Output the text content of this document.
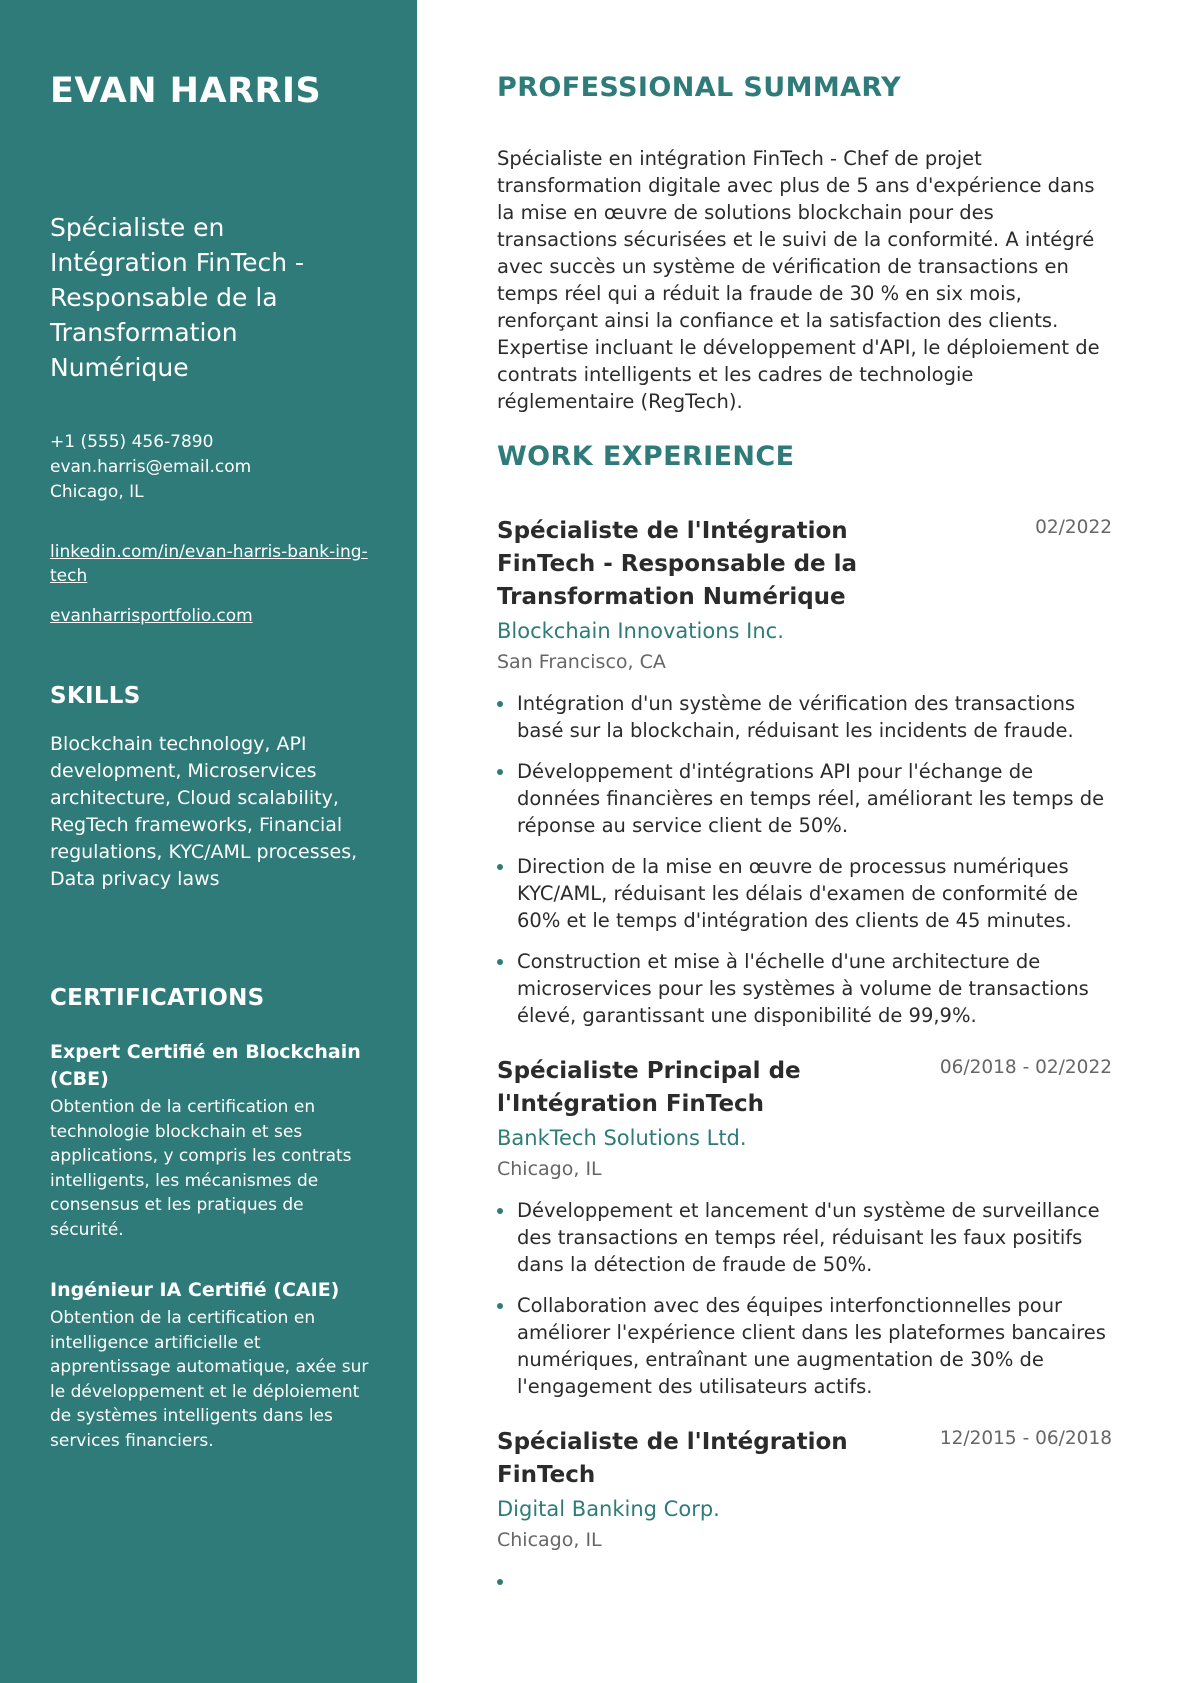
EVAN HARRIS
Spécialiste en Intégration FinTech - Responsable de la Transformation Numérique
+1 (555) 456-7890
evan.harris@email.com
Chicago, IL
linkedin.com/in/evan-harris-bank-ing-tech
evanharrisportfolio.com
SKILLS
Blockchain technology, API development, Microservices architecture, Cloud scalability, RegTech frameworks, Financial regulations, KYC/AML processes, Data privacy laws
CERTIFICATIONS
Expert Certifié en Blockchain (CBE)
Obtention de la certification en technologie blockchain et ses applications, y compris les contrats intelligents, les mécanismes de consensus et les pratiques de sécurité.
Ingénieur IA Certifié (CAIE)
Obtention de la certification en intelligence artificielle et apprentissage automatique, axée sur le développement et le déploiement de systèmes intelligents dans les services financiers.
PROFESSIONAL SUMMARY

Spécialiste en intégration FinTech - Chef de projet transformation digitale avec plus de 5 ans d'expérience dans la mise en œuvre de solutions blockchain pour des transactions sécurisées et le suivi de la conformité. A intégré avec succès un système de vérification de transactions en temps réel qui a réduit la fraude de 30 % en six mois, renforçant ainsi la confiance et la satisfaction des clients. Expertise incluant le développement d'API, le déploiement de contrats intelligents et les cadres de technologie réglementaire (RegTech).

WORK EXPERIENCE
Spécialiste de l'Intégration FinTech - Responsable de la Transformation Numérique
02/2022
Blockchain Innovations Inc.
San Francisco, CA
Intégration d'un système de vérification des transactions basé sur la blockchain, réduisant les incidents de fraude.
Développement d'intégrations API pour l'échange de données financières en temps réel, améliorant les temps de réponse au service client de 50%.
Direction de la mise en œuvre de processus numériques KYC/AML, réduisant les délais d'examen de conformité de 60% et le temps d'intégration des clients de 45 minutes.
Construction et mise à l'échelle d'une architecture de microservices pour les systèmes à volume de transactions élevé, garantissant une disponibilité de 99,9%.
Spécialiste Principal de l'Intégration FinTech
06/2018 - 02/2022
BankTech Solutions Ltd.
Chicago, IL
Développement et lancement d'un système de surveillance des transactions en temps réel, réduisant les faux positifs dans la détection de fraude de 50%.
Collaboration avec des équipes interfonctionnelles pour améliorer l'expérience client dans les plateformes bancaires numériques, entraînant une augmentation de 30% de l'engagement des utilisateurs actifs.
Spécialiste de l'Intégration FinTech
12/2015 - 06/2018
Digital Banking Corp.
Chicago, IL
